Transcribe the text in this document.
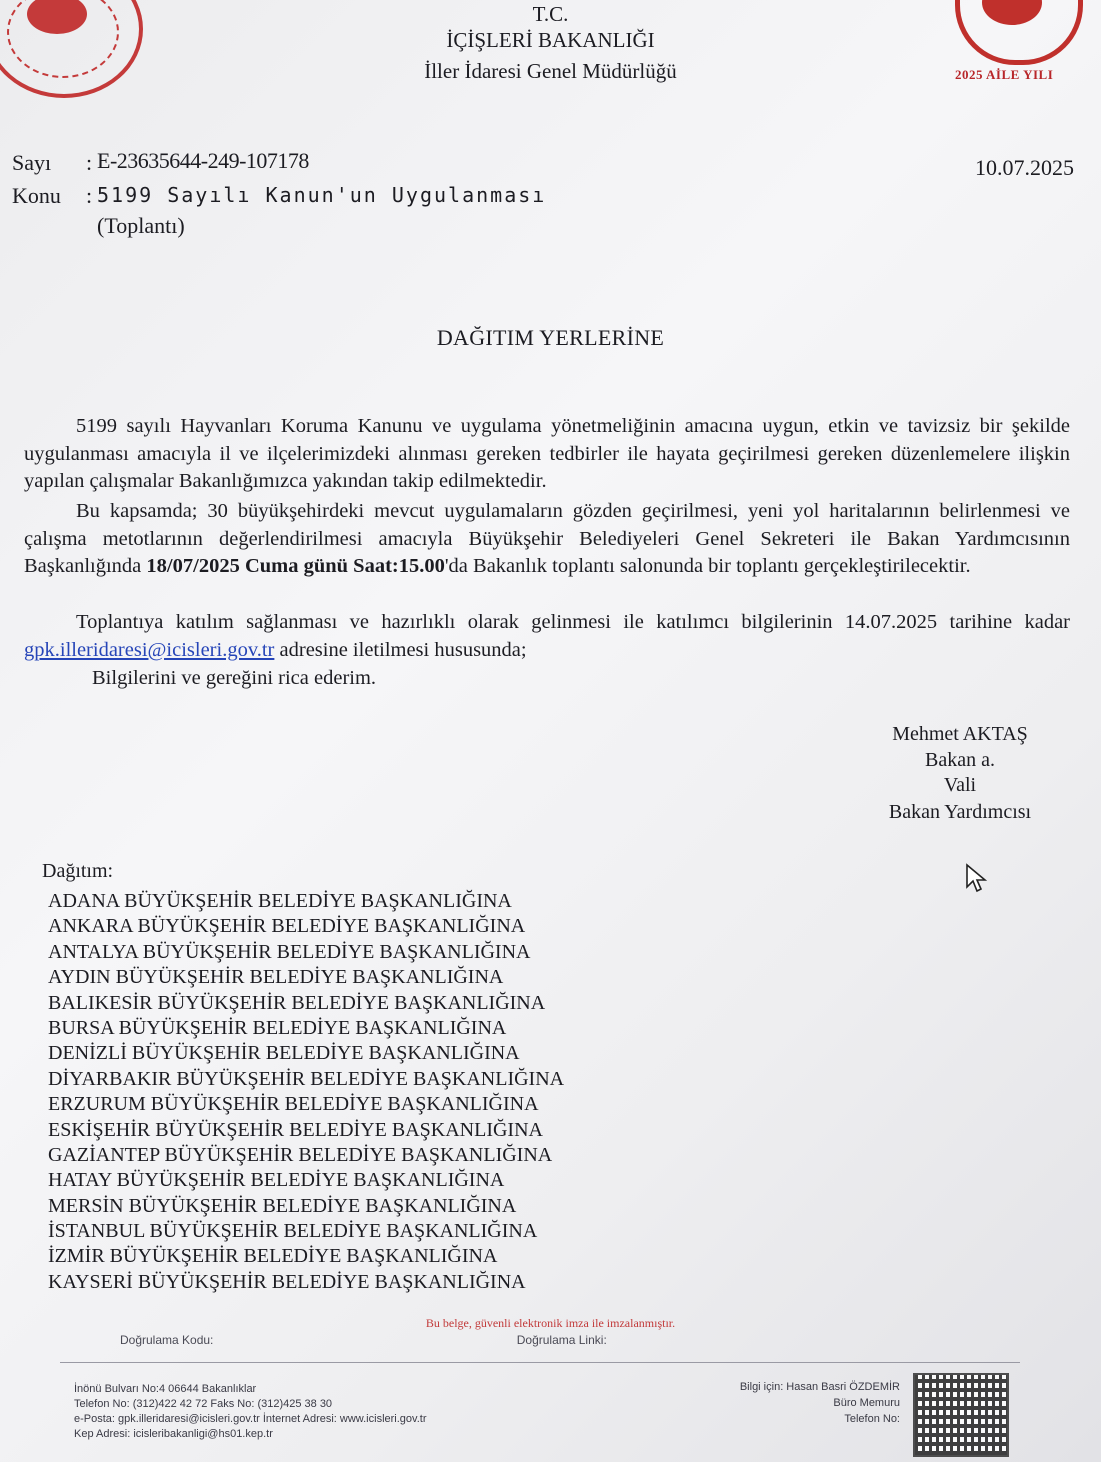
2025 AİLE YILI
T.C.
İÇİŞLERİ BAKANLIĞI
İller İdaresi Genel Müdürlüğü
Sayı : E-23635644-249-107178
Konu : 5199 Sayılı Kanun'un Uygulanması
(Toplantı)
10.07.2025
DAĞITIM YERLERİNE
5199 sayılı Hayvanları Koruma Kanunu ve uygulama yönetmeliğinin amacına uygun, etkin ve tavizsiz bir şekilde uygulanması amacıyla il ve ilçelerimizdeki alınması gereken tedbirler ile hayata geçirilmesi gereken düzenlemelere ilişkin yapılan çalışmalar Bakanlığımızca yakından takip edilmektedir.
Bu kapsamda; 30 büyükşehirdeki mevcut uygulamaların gözden geçirilmesi, yeni yol haritalarının belirlenmesi ve çalışma metotlarının değerlendirilmesi amacıyla Büyükşehir Belediyeleri Genel Sekreteri ile Bakan Yardımcısının Başkanlığında 18/07/2025 Cuma günü Saat:15.00'da Bakanlık toplantı salonunda bir toplantı gerçekleştirilecektir.
Toplantıya katılım sağlanması ve hazırlıklı olarak gelinmesi ile katılımcı bilgilerinin 14.07.2025 tarihine kadar gpk.illeridaresi@icisleri.gov.tr adresine iletilmesi hususunda;
Bilgilerini ve gereğini rica ederim.
Mehmet AKTAŞ
Bakan a.
Vali
Bakan Yardımcısı
Dağıtım:
ADANA BÜYÜKŞEHİR BELEDİYE BAŞKANLIĞINA
ANKARA BÜYÜKŞEHİR BELEDİYE BAŞKANLIĞINA
ANTALYA BÜYÜKŞEHİR BELEDİYE BAŞKANLIĞINA
AYDIN BÜYÜKŞEHİR BELEDİYE BAŞKANLIĞINA
BALIKESİR BÜYÜKŞEHİR BELEDİYE BAŞKANLIĞINA
BURSA BÜYÜKŞEHİR BELEDİYE BAŞKANLIĞINA
DENİZLİ BÜYÜKŞEHİR BELEDİYE BAŞKANLIĞINA
DİYARBAKIR BÜYÜKŞEHİR BELEDİYE BAŞKANLIĞINA
ERZURUM BÜYÜKŞEHİR BELEDİYE BAŞKANLIĞINA
ESKİŞEHİR BÜYÜKŞEHİR BELEDİYE BAŞKANLIĞINA
GAZİANTEP BÜYÜKŞEHİR BELEDİYE BAŞKANLIĞINA
HATAY BÜYÜKŞEHİR BELEDİYE BAŞKANLIĞINA
MERSİN BÜYÜKŞEHİR BELEDİYE BAŞKANLIĞINA
İSTANBUL BÜYÜKŞEHİR BELEDİYE BAŞKANLIĞINA
İZMİR BÜYÜKŞEHİR BELEDİYE BAŞKANLIĞINA
KAYSERİ BÜYÜKŞEHİR BELEDİYE BAŞKANLIĞINA
Bu belge, güvenli elektronik imza ile imzalanmıştır.
Doğrulama Kodu:	Doğrulama Linki:
İnönü Bulvarı No:4 06644 Bakanlıklar
Telefon No: (312)422 42 72 Faks No: (312)425 38 30
e-Posta: gpk.illeridaresi@icisleri.gov.tr İnternet Adresi: www.icisleri.gov.tr
Kep Adresi: icisleribakanligi@hs01.kep.tr
Bilgi için: Hasan Basri ÖZDEMİR
Büro Memuru
Telefon No:
